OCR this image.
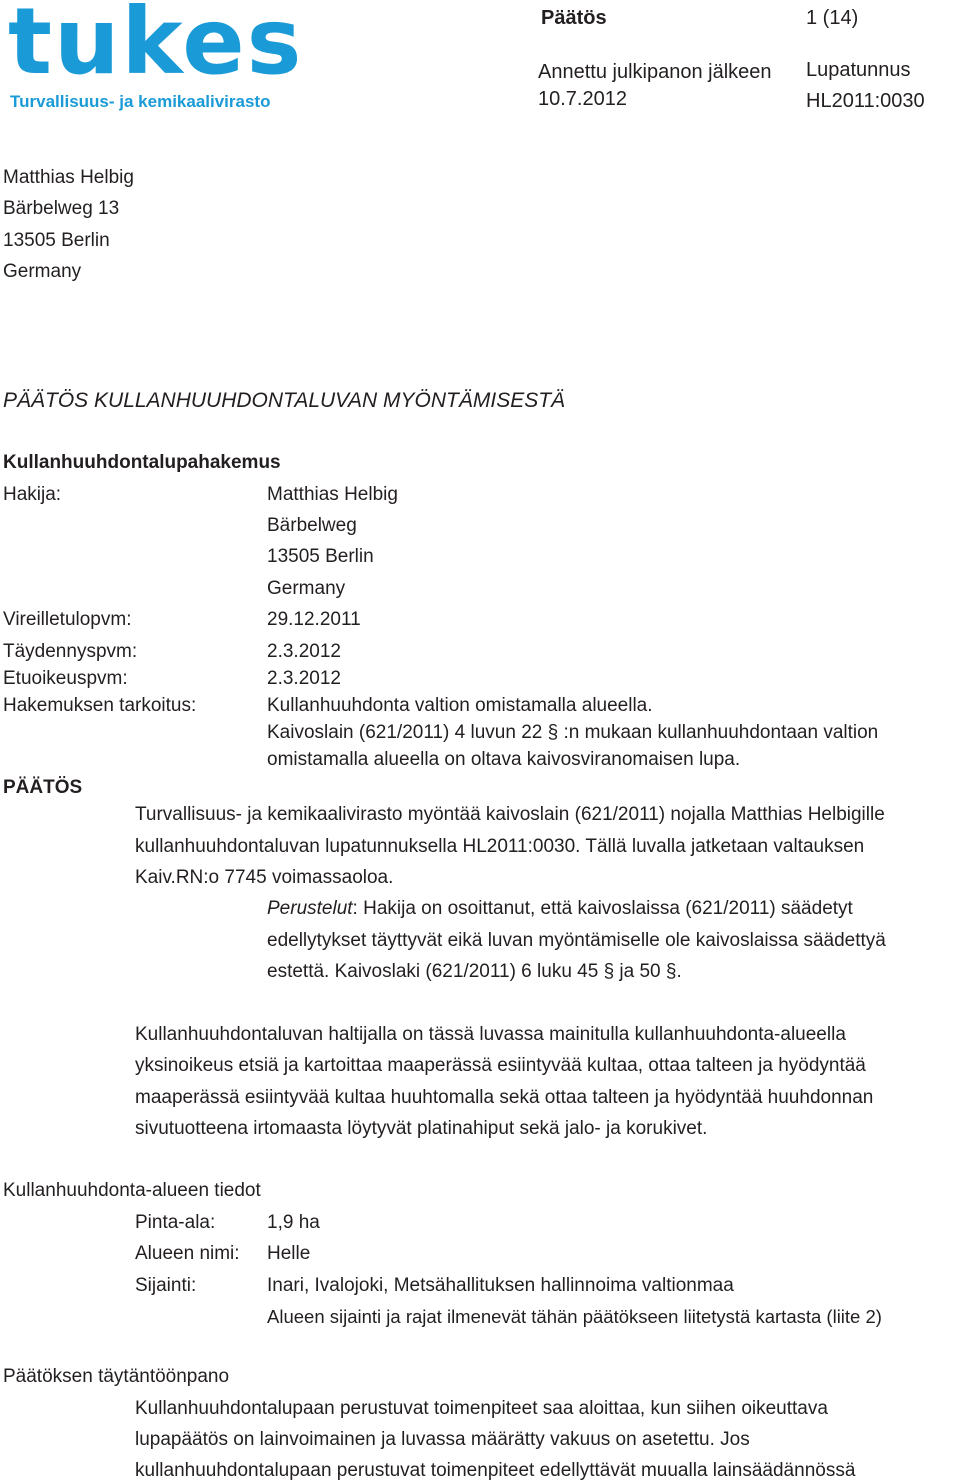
tukes
Turvallisuus- ja kemikaalivirasto
Päätös	1 (14)
Annettu julkipanon jälkeen
10.7.2012
Lupatunnus
HL2011:0030
Matthias Helbig
Bärbelweg 13
13505 Berlin
Germany
PÄÄTÖS KULLANHUUHDONTALUVAN MYÖNTÄMISESTÄ
Kullanhuuhdontalupahakemus
Hakija:	Matthias Helbig
Bärbelweg
13505 Berlin
Germany
Vireilletulopvm:	29.12.2011
Täydennyspvm:	2.3.2012
Etuoikeuspvm:	2.3.2012
Hakemuksen tarkoitus:	Kullanhuuhdonta valtion omistamalla alueella.
Kaivoslain (621/2011) 4 luvun 22 § :n mukaan kullanhuuhdontaan valtion
omistamalla alueella on oltava kaivosviranomaisen lupa.
PÄÄTÖS
Turvallisuus- ja kemikaalivirasto myöntää kaivoslain (621/2011) nojalla Matthias Helbigille
kullanhuuhdontaluvan lupatunnuksella HL2011:0030. Tällä luvalla jatketaan valtauksen
Kaiv.RN:o 7745 voimassaoloa.
Perustelut: Hakija on osoittanut, että kaivoslaissa (621/2011) säädetyt
edellytykset täyttyvät eikä luvan myöntämiselle ole kaivoslaissa säädettyä
estettä. Kaivoslaki (621/2011) 6 luku 45 § ja 50 §.
Kullanhuuhdontaluvan haltijalla on tässä luvassa mainitulla kullanhuuhdonta-alueella
yksinoikeus etsiä ja kartoittaa maaperässä esiintyvää kultaa, ottaa talteen ja hyödyntää
maaperässä esiintyvää kultaa huuhtomalla sekä ottaa talteen ja hyödyntää huuhdonnan
sivutuotteena irtomaasta löytyvät platinahiput sekä jalo- ja korukivet.
Kullanhuuhdonta-alueen tiedot
Pinta-ala:	1,9 ha
Alueen nimi: Helle
Sijainti:	Inari, Ivalojoki, Metsähallituksen hallinnoima valtionmaa
Alueen sijainti ja rajat ilmenevät tähän päätökseen liitetystä kartasta (liite 2)
Päätöksen täytäntöönpano
Kullanhuuhdontalupaan perustuvat toimenpiteet saa aloittaa, kun siihen oikeuttava
lupapäätös on lainvoimainen ja luvassa määrätty vakuus on asetettu. Jos
kullanhuuhdontalupaan perustuvat toimenpiteet edellyttävät muualla lainsäädännössä
